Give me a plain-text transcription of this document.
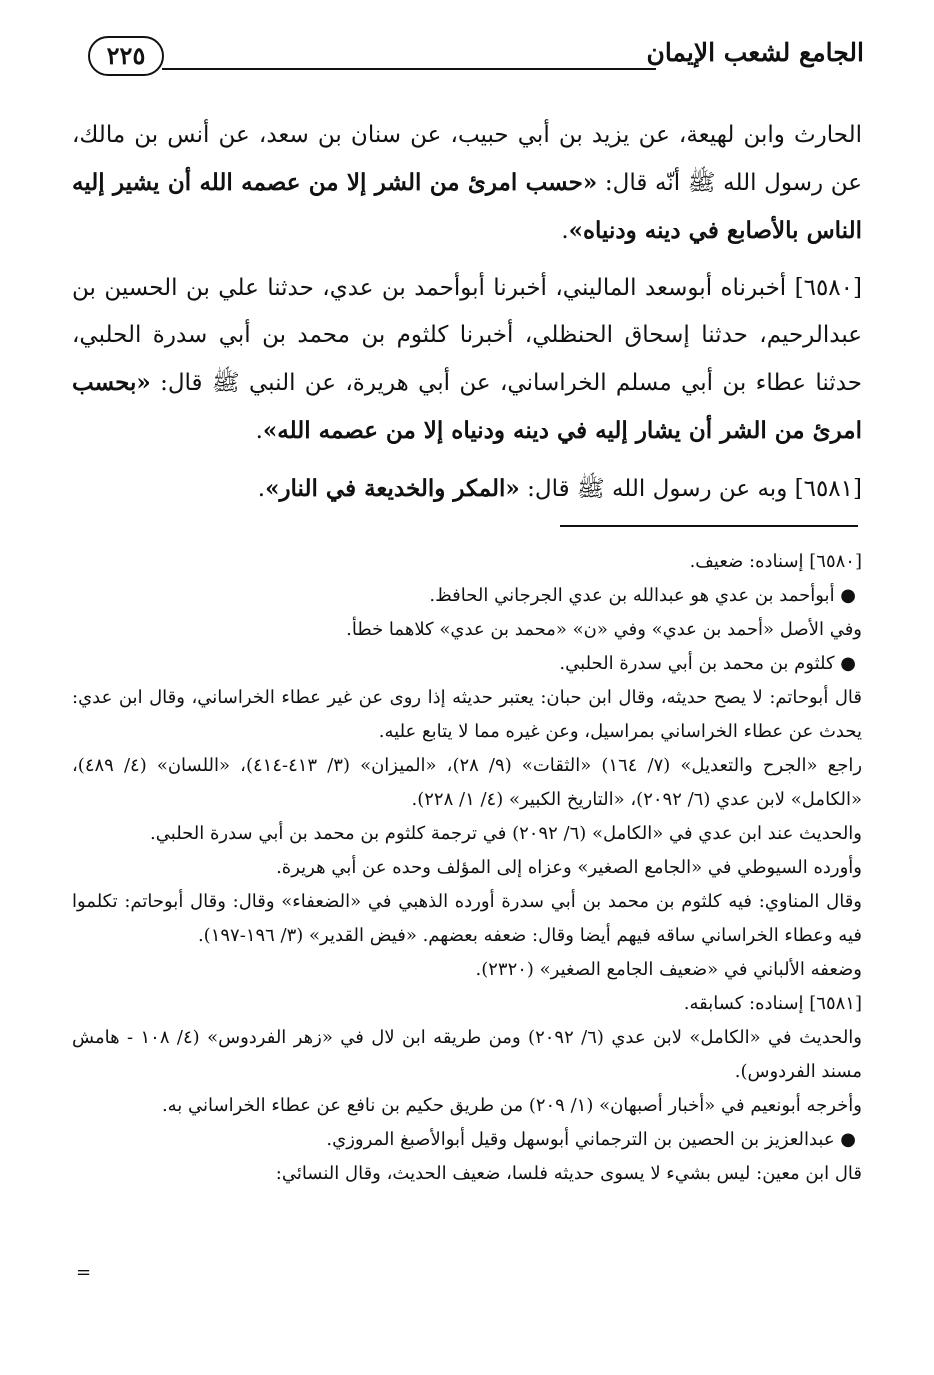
الجامع لشعب الإيمان
٢٢٥

الحارث وابن لهيعة، عن يزيد بن أبي حبيب، عن سنان بن سعد، عن أنس بن مالك، عن رسول الله ﷺ أنّه قال: «حسب امرئ من الشر إلا من عصمه الله أن يشير إليه الناس بالأصابع في دينه ودنياه».

[٦٥٨٠] أخبرناه أبوسعد الماليني، أخبرنا أبوأحمد بن عدي، حدثنا علي بن الحسين بن عبدالرحيم، حدثنا إسحاق الحنظلي، أخبرنا كلثوم بن محمد بن أبي سدرة الحلبي، حدثنا عطاء بن أبي مسلم الخراساني، عن أبي هريرة، عن النبي ﷺ قال: «بحسب امرئ من الشر أن يشار إليه في دينه ودنياه إلا من عصمه الله».

[٦٥٨١] وبه عن رسول الله ﷺ قال: «المكر والخديعة في النار».

[٦٥٨٠] إسناده: ضعيف.

● أبوأحمد بن عدي هو عبدالله بن عدي الجرجاني الحافظ.

وفي الأصل «أحمد بن عدي» وفي «ن» «محمد بن عدي» كلاهما خطأ.

● كلثوم بن محمد بن أبي سدرة الحلبي.

قال أبوحاتم: لا يصح حديثه، وقال ابن حبان: يعتبر حديثه إذا روى عن غير عطاء الخراساني، وقال ابن عدي: يحدث عن عطاء الخراساني بمراسيل، وعن غيره مما لا يتابع عليه.

راجع «الجرح والتعديل» (٧/ ١٦٤) «الثقات» (٩/ ٢٨)، «الميزان» (٣/ ٤١٣-٤١٤)، «اللسان» (٤/ ٤٨٩)، «الكامل» لابن عدي (٦/ ٢٠٩٢)، «التاريخ الكبير» (٤/ ١/ ٢٢٨).

والحديث عند ابن عدي في «الكامل» (٦/ ٢٠٩٢) في ترجمة كلثوم بن محمد بن أبي سدرة الحلبي.

وأورده السيوطي في «الجامع الصغير» وعزاه إلى المؤلف وحده عن أبي هريرة.

وقال المناوي: فيه كلثوم بن محمد بن أبي سدرة أورده الذهبي في «الضعفاء» وقال: وقال أبوحاتم: تكلموا فيه وعطاء الخراساني ساقه فيهم أيضا وقال: ضعفه بعضهم. «فيض القدير» (٣/ ١٩٦-١٩٧).

وضعفه الألباني في «ضعيف الجامع الصغير» (٢٣٢٠).

[٦٥٨١] إسناده: كسابقه.

والحديث في «الكامل» لابن عدي (٦/ ٢٠٩٢) ومن طريقه ابن لال في «زهر الفردوس» (٤/ ١٠٨ - هامش مسند الفردوس).

وأخرجه أبونعيم في «أخبار أصبهان» (١/ ٢٠٩) من طريق حكيم بن نافع عن عطاء الخراساني به.

● عبدالعزيز بن الحصين بن الترجماني أبوسهل وقيل أبوالأصبغ المروزي.

قال ابن معين: ليس بشيء لا يسوى حديثه فلسا، ضعيف الحديث، وقال النسائي:

=
